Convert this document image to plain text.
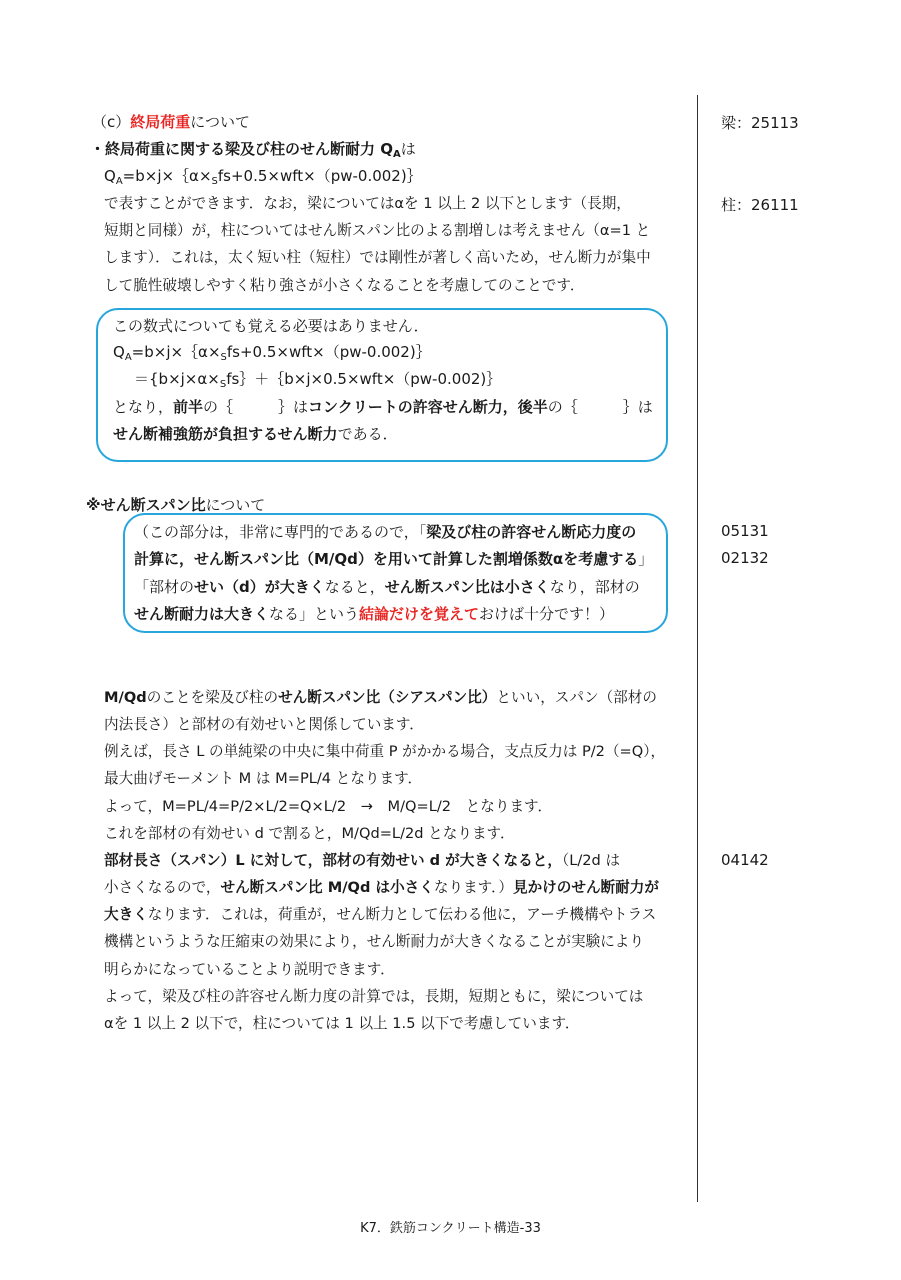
（c）終局荷重について
・終局荷重に関する梁及び柱のせん断耐力 $Q_A$は
$Q_A=b\times j\times\{\alpha\times_Sfs+0.5\times wft\times(pw-0.002)\}$
で表すことができます．なお，梁についてはαを 1 以上 2 以下とします（長期，
短期と同様）が，柱についてはせん断スパン比のよる割増しは考えません（α=1 と
します）．これは，太く短い柱（短柱）では剛性が著しく高いため，せん断力が集中
して脆性破壊しやすく粘り強さが小さくなることを考慮してのことです．
この数式についても覚える必要はありません．
$Q_A=b\times j\times\{\alpha\times_Sfs+0.5\times wft\times(pw-0.002)\}$
$=\{b\times j\times\alpha\times_Sfs\}+\{b\times j\times 0.5\times wft\times(pw-0.002)\}$
となり，前半の｛　　　｝はコンクリートの許容せん断力，後半の｛　　　｝は
せん断補強筋が負担するせん断力である．
※せん断スパン比について
（この部分は，非常に専門的であるので，「梁及び柱の許容せん断応力度の
計算に，せん断スパン比（M/Qd）を用いて計算した割増係数αを考慮する」
「部材のせい（d）が大きくなると，せん断スパン比は小さくなり，部材の
せん断耐力は大きくなる」という結論だけを覚えておけば十分です！）
M/Qdのことを梁及び柱のせん断スパン比（シアスパン比）といい，スパン（部材の
内法長さ）と部材の有効せいと関係しています．
例えば，長さ L の単純梁の中央に集中荷重 P がかかる場合，支点反力は P/2（=Q），
最大曲げモーメント M は M=PL/4 となります．
よって，M=PL/4=P/2×L/2=Q×L/2　→　M/Q=L/2　となります．
これを部材の有効せい d で割ると，M/Qd=L/2d となります．
部材長さ（スパン）L に対して，部材の有効せい d が大きくなると，（L/2d は
小さくなるので，せん断スパン比 M/Qd は小さくなります．）見かけのせん断耐力が
大きくなります．これは，荷重が，せん断力として伝わる他に，アーチ機構やトラス
機構というような圧縮束の効果により，せん断耐力が大きくなることが実験により
明らかになっていることより説明できます．
よって，梁及び柱の許容せん断力度の計算では，長期，短期ともに，梁については
αを 1 以上 2 以下で，柱については 1 以上 1.5 以下で考慮しています．
梁：25113
柱：26111
05131
02132
04142
K7．鉄筋コンクリート構造-33
